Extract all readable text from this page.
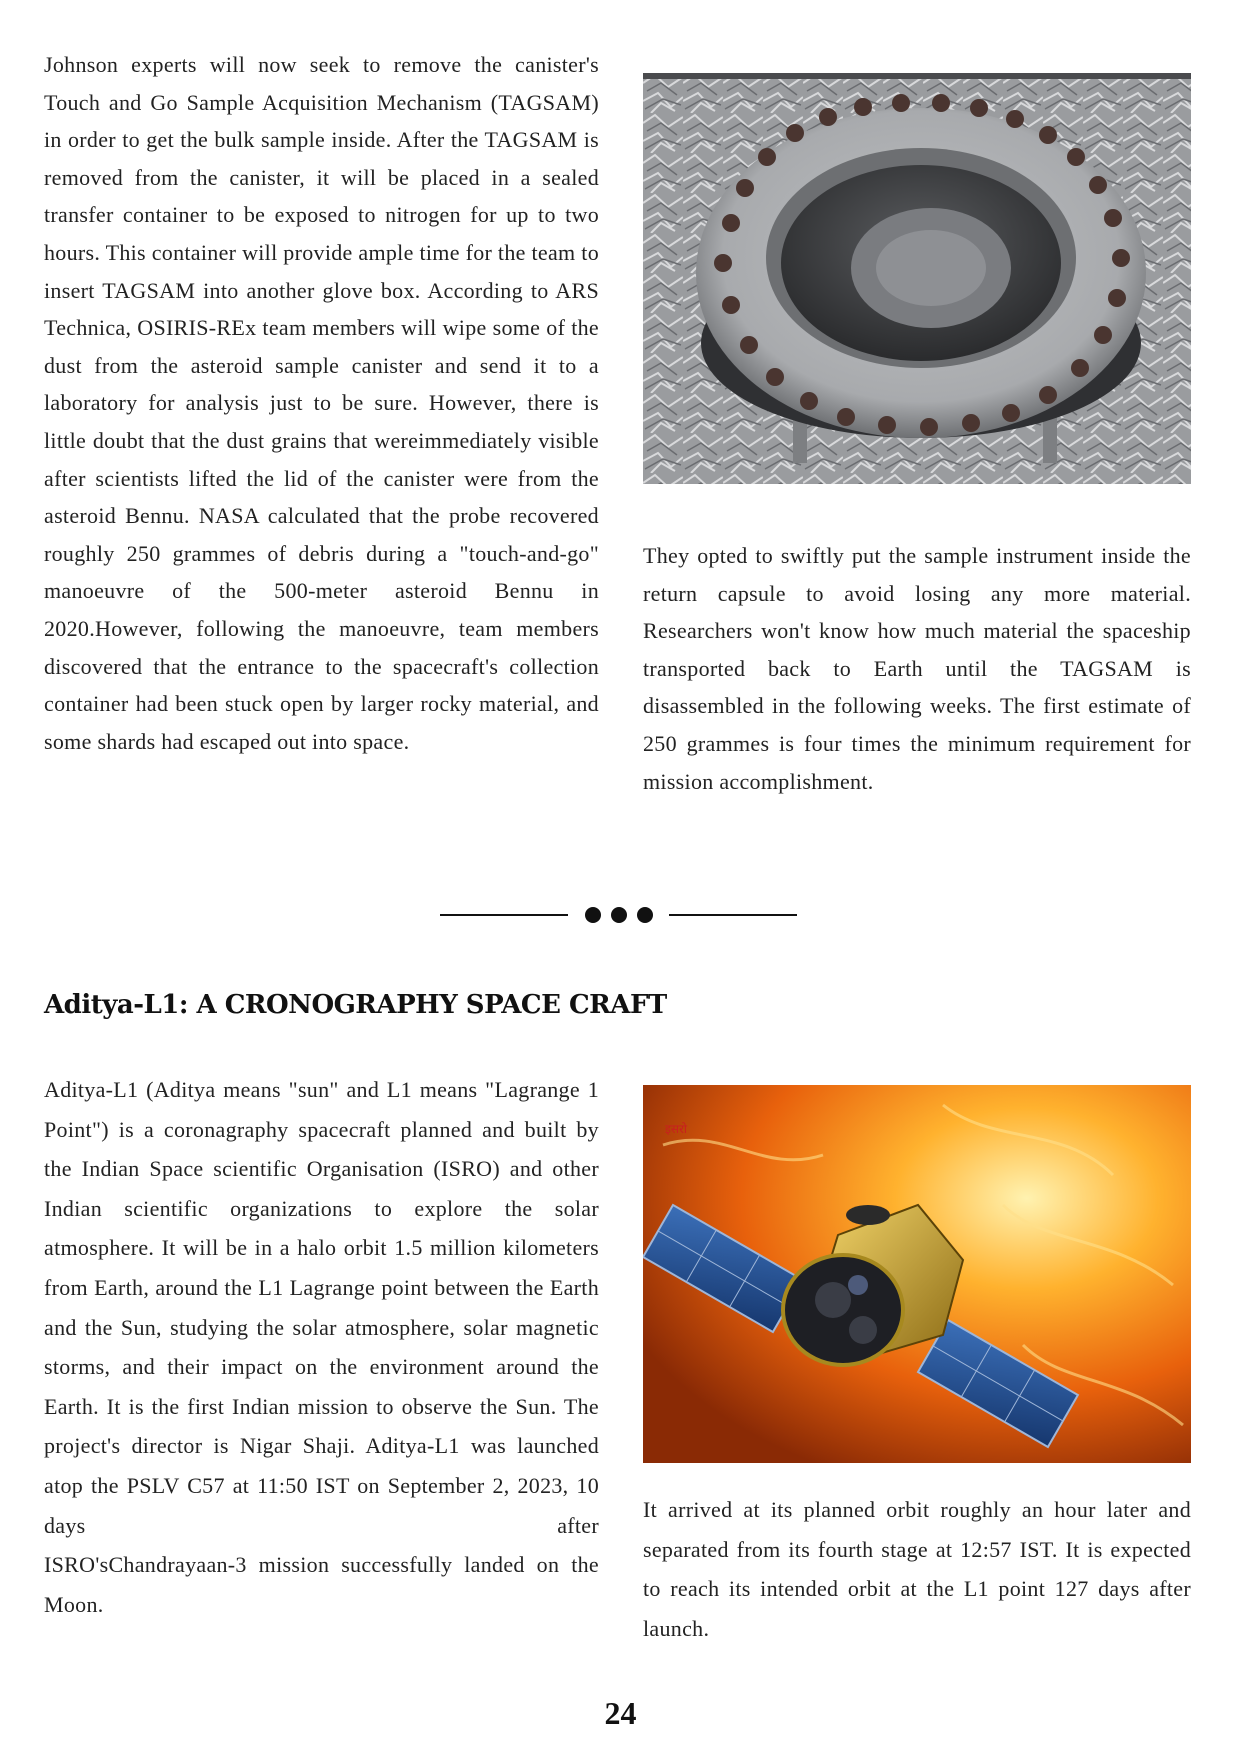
Johnson experts will now seek to remove the canister's Touch and Go Sample Acquisition Mechanism (TAGSAM) in order to get the bulk sample inside. After the TAGSAM is removed from the canister, it will be placed in a sealed transfer container to be exposed to nitrogen for up to two hours. This container will provide ample time for the team to insert TAGSAM into another glove box. According to ARS Technica, OSIRIS-REx team members will wipe some of the dust from the asteroid sample canister and send it to a laboratory for analysis just to be sure. However, there is little doubt that the dust grains that wereimmediately visible after scientists lifted the lid of the canister were from the asteroid Bennu. NASA calculated that the probe recovered roughly 250 grammes of debris during a "touch-and-go" manoeuvre of the 500-meter asteroid Bennu in 2020.However, following the manoeuvre, team members discovered that the entrance to the spacecraft's collection container had been stuck open by larger rocky material, and some shards had escaped out into space.

They opted to swiftly put the sample instrument inside the return capsule to avoid losing any more material. Researchers won't know how much material the spaceship transported back to Earth until the TAGSAM is disassembled in the following weeks. The first estimate of 250 grammes is four times the minimum requirement for mission accomplishment.

Aditya-L1: A CRONOGRAPHY SPACE CRAFT

Aditya-L1 (Aditya means "sun" and L1 means "Lagrange 1 Point") is a coronagraphy spacecraft planned and built by the Indian Space scientific Organisation (ISRO) and other Indian scientific organizations to explore the solar atmosphere. It will be in a halo orbit 1.5 million kilometers from Earth, around the L1 Lagrange point between the Earth and the Sun, studying the solar atmosphere, solar magnetic storms, and their impact on the environment around the Earth. It is the first Indian mission to observe the Sun. The project's director is Nigar Shaji. Aditya-L1 was launched atop the PSLV C57 at 11:50 IST on September 2, 2023, 10 days after

ISRO'sChandrayaan-3 mission successfully landed on the Moon.

इसरो

It arrived at its planned orbit roughly an hour later and separated from its fourth stage at 12:57 IST. It is expected to reach its intended orbit at the L1 point 127 days after launch.

24
